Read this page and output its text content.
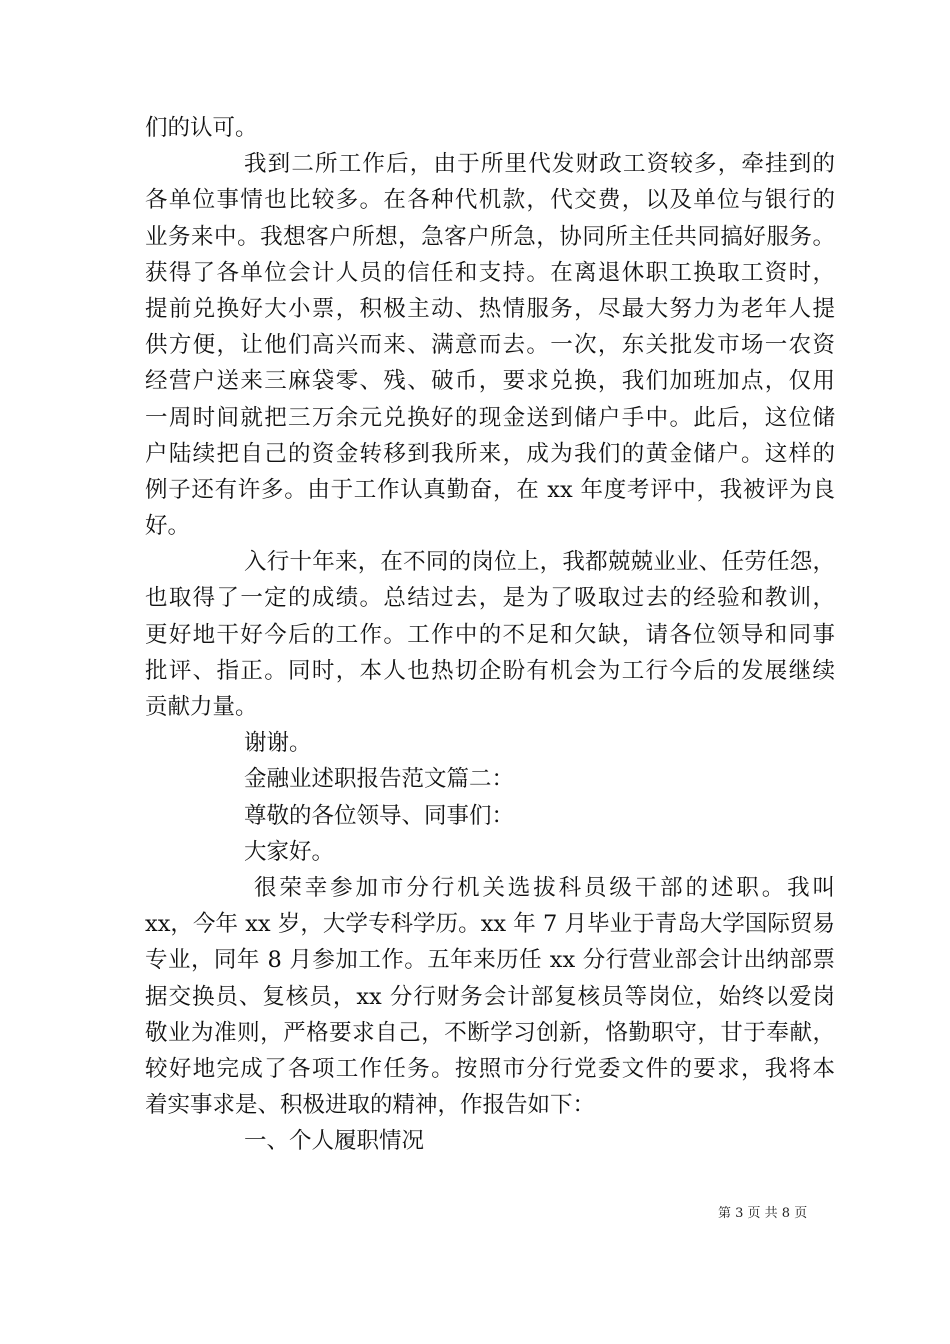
们的认可。
我到二所工作后，由于所里代发财政工资较多，牵挂到的
各单位事情也比较多。在各种代机款，代交费，以及单位与银行的
业务来中。我想客户所想，急客户所急，协同所主任共同搞好服务。
获得了各单位会计人员的信任和支持。在离退休职工换取工资时，
提前兑换好大小票，积极主动、热情服务，尽最大努力为老年人提
供方便，让他们高兴而来、满意而去。一次，东关批发市场一农资
经营户送来三麻袋零、残、破币，要求兑换，我们加班加点，仅用
一周时间就把三万余元兑换好的现金送到储户手中。此后，这位储
户陆续把自己的资金转移到我所来，成为我们的黄金储户。这样的
例子还有许多。由于工作认真勤奋，在 xx 年度考评中，我被评为良
好。
入行十年来，在不同的岗位上，我都兢兢业业、任劳任怨，
也取得了一定的成绩。总结过去，是为了吸取过去的经验和教训，
更好地干好今后的工作。工作中的不足和欠缺，请各位领导和同事
批评、指正。同时，本人也热切企盼有机会为工行今后的发展继续
贡献力量。
谢谢。
金融业述职报告范文篇二：
尊敬的各位领导、同事们：
大家好。
很荣幸参加市分行机关选拔科员级干部的述职。我叫
xx，今年 xx 岁，大学专科学历。xx 年 7 月毕业于青岛大学国际贸易
专业，同年 8 月参加工作。五年来历任 xx 分行营业部会计出纳部票
据交换员、复核员，xx 分行财务会计部复核员等岗位，始终以爱岗
敬业为准则，严格要求自己，不断学习创新，恪勤职守，甘于奉献，
较好地完成了各项工作任务。按照市分行党委文件的要求，我将本
着实事求是、积极进取的精神，作报告如下：
一、个人履职情况
第 3 页 共 8 页
